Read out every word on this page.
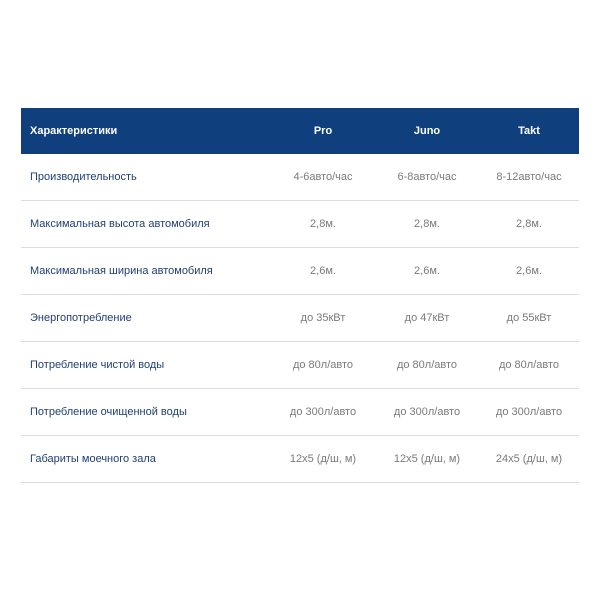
Характеристики	Pro	Juno	Takt
Производительность	4-6авто/час	6-8авто/час	8-12авто/час
Максимальная высота автомобиля	2,8м.	2,8м.	2,8м.
Максимальная ширина автомобиля	2,6м.	2,6м.	2,6м.
Энергопотребление	до 35кВт	до 47кВт	до 55кВт
Потребление чистой воды	до 80л/авто	до 80л/авто	до 80л/авто
Потребление очищенной воды	до 300л/авто	до 300л/авто	до 300л/авто
Габариты моечного зала	12х5 (д/ш, м)	12х5 (д/ш, м)	24х5 (д/ш, м)
